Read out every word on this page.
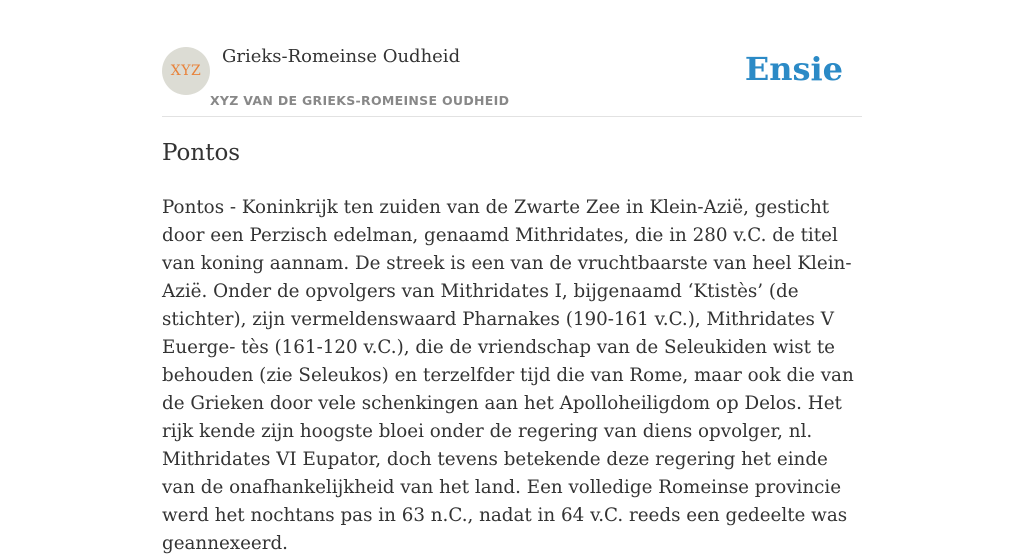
XYZ
Grieks-Romeinse Oudheid
XYZ VAN DE GRIEKS-ROMEINSE OUDHEID
Ensie
Pontos

Pontos - Koninkrijk ten zuiden van de Zwarte Zee in Klein-Azië, gesticht door een Perzisch edelman, genaamd Mithridates, die in 280 v.C. de titel van koning aannam. De streek is een van de vruchtbaarste van heel Klein-Azië. Onder de opvolgers van Mithridates I, bijgenaamd ‘Ktistès’ (de stichter), zijn vermeldenswaard Pharnakes (190-161 v.C.), Mithridates V Euerge- tès (161-120 v.C.), die de vriendschap van de Seleukiden wist te behouden (zie Seleukos) en terzelfder tijd die van Rome, maar ook die van de Grieken door vele schenkingen aan het Apolloheiligdom op Delos. Het rijk kende zijn hoogste bloei onder de regering van diens opvolger, nl. Mithridates VI Eupator, doch tevens betekende deze regering het einde van de onafhankelijkheid van het land. Een volledige Romeinse provincie werd het nochtans pas in 63 n.C., nadat in 64 v.C. reeds een gedeelte was geannexeerd.
